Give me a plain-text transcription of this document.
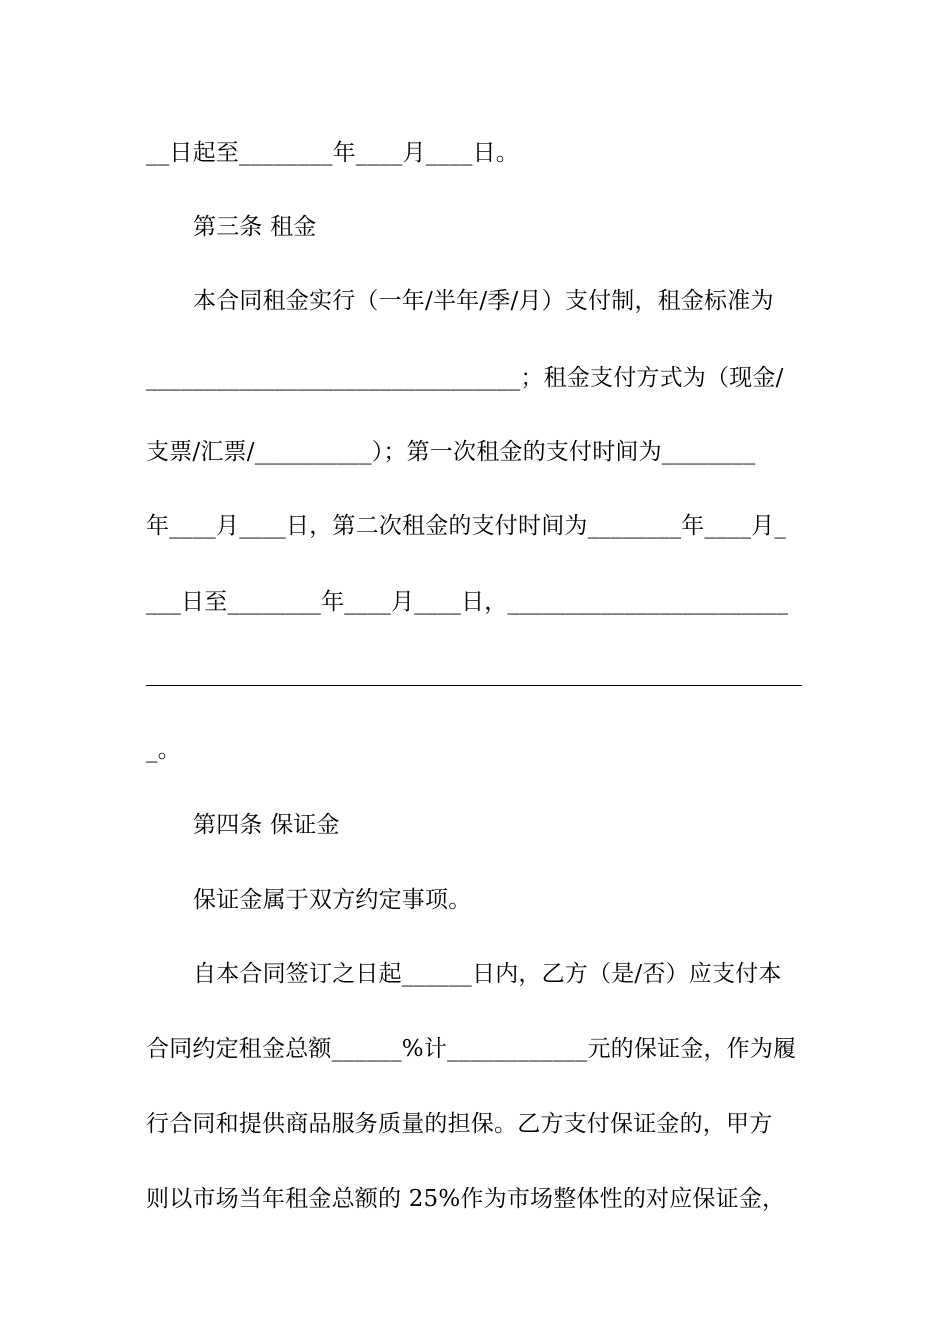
__日起至________年____月____日。
第三条 租金
本合同租金实行（一年/半年/季/月）支付制，租金标准为
________________________________；租金支付方式为（现金/
支票/汇票/__________）；第一次租金的支付时间为________
年____月____日，第二次租金的支付时间为________年____月_
___日至________年____月____日，________________________
_。
第四条 保证金
保证金属于双方约定事项。
自本合同签订之日起______日内，乙方（是/否）应支付本
合同约定租金总额______%计____________元的保证金，作为履
行合同和提供商品服务质量的担保。乙方支付保证金的，甲方
则以市场当年租金总额的 25%作为市场整体性的对应保证金，
